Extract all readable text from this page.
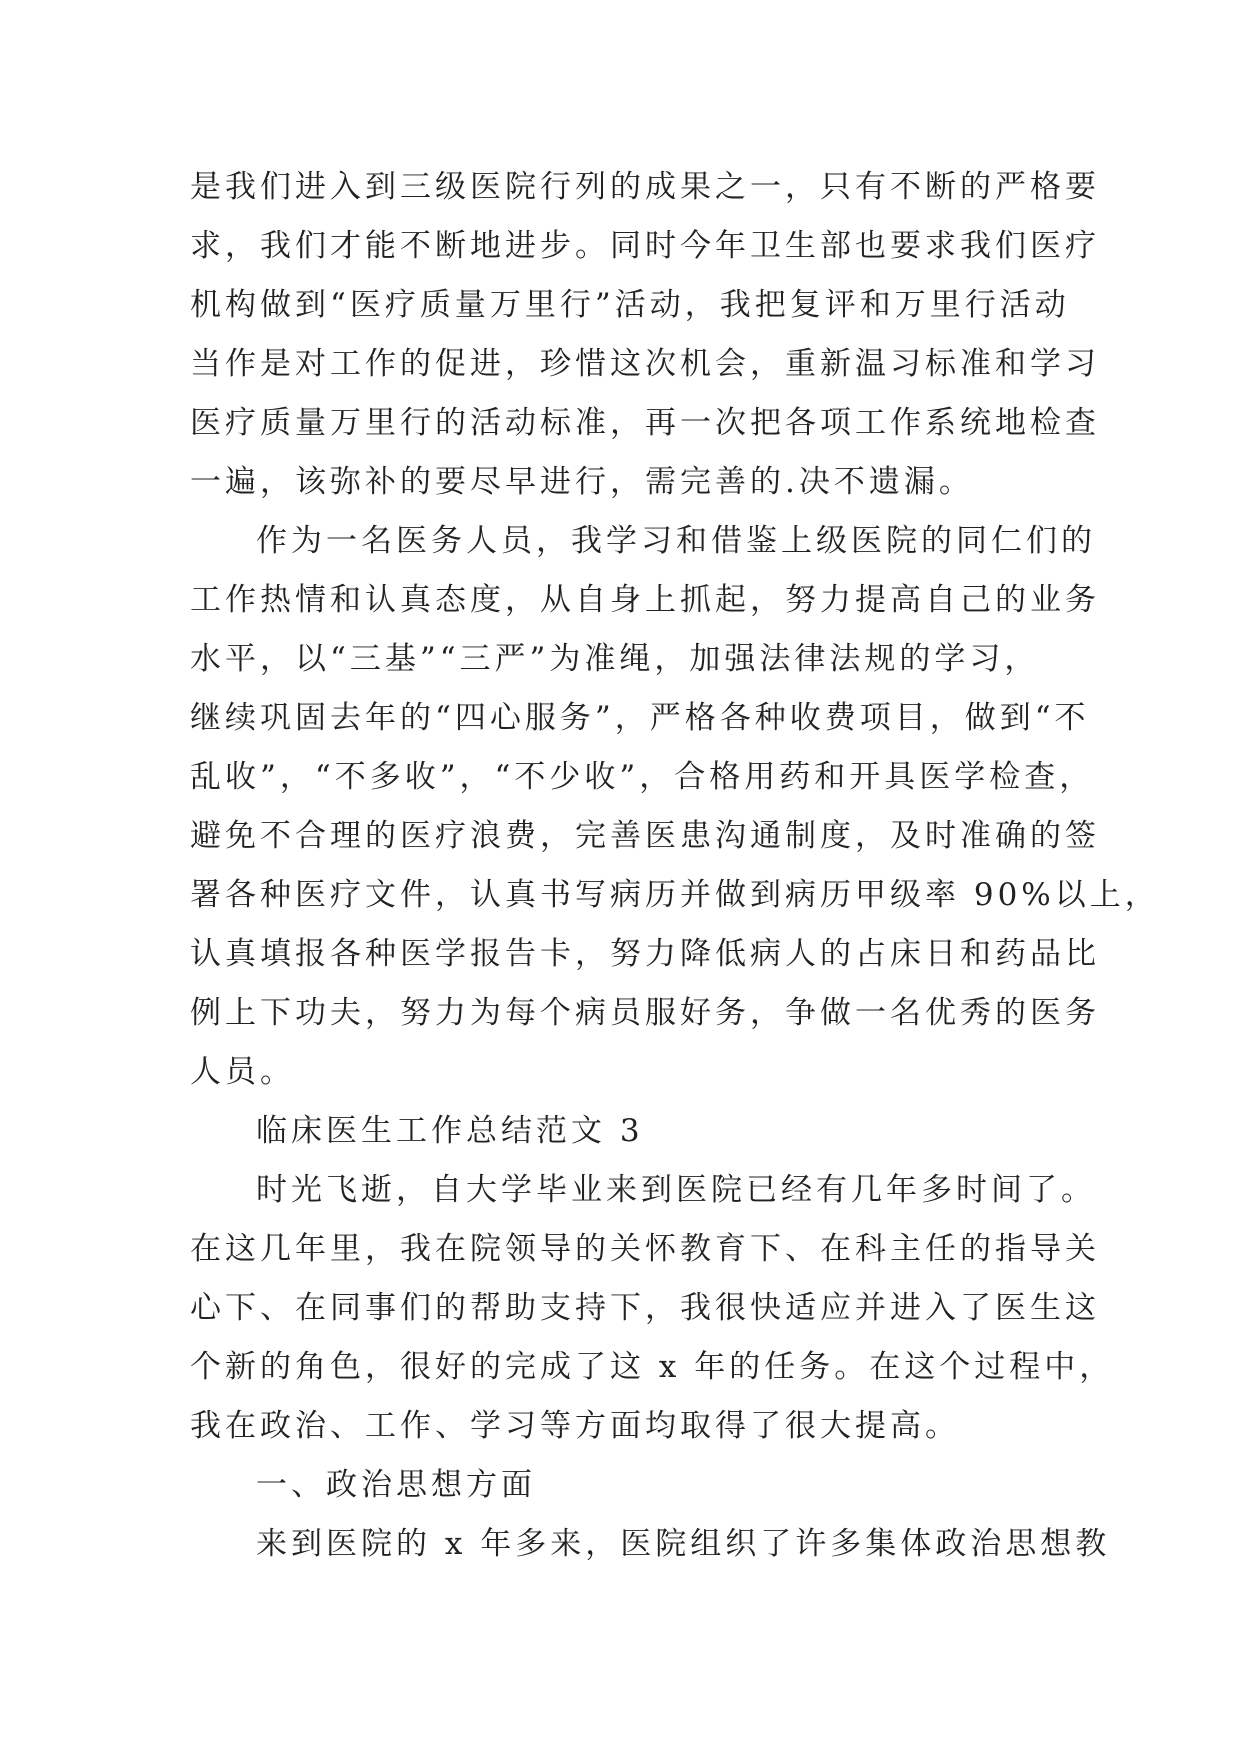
是我们进入到三级医院行列的成果之一，只有不断的严格要
求，我们才能不断地进步。同时今年卫生部也要求我们医疗
机构做到“医疗质量万里行”活动，我把复评和万里行活动
当作是对工作的促进，珍惜这次机会，重新温习标准和学习
医疗质量万里行的活动标准，再一次把各项工作系统地检查
一遍，该弥补的要尽早进行，需完善的.决不遗漏。
作为一名医务人员，我学习和借鉴上级医院的同仁们的
工作热情和认真态度，从自身上抓起，努力提高自己的业务
水平，以“三基”“三严”为准绳，加强法律法规的学习，
继续巩固去年的“四心服务”，严格各种收费项目，做到“不
乱收”，“不多收”，“不少收”，合格用药和开具医学检查，
避免不合理的医疗浪费，完善医患沟通制度，及时准确的签
署各种医疗文件，认真书写病历并做到病历甲级率 90%以上，
认真填报各种医学报告卡，努力降低病人的占床日和药品比
例上下功夫，努力为每个病员服好务，争做一名优秀的医务
人员。
临床医生工作总结范文 3
时光飞逝，自大学毕业来到医院已经有几年多时间了。
在这几年里，我在院领导的关怀教育下、在科主任的指导关
心下、在同事们的帮助支持下，我很快适应并进入了医生这
个新的角色，很好的完成了这 x 年的任务。在这个过程中，
我在政治、工作、学习等方面均取得了很大提高。
一、政治思想方面
来到医院的 x 年多来，医院组织了许多集体政治思想教
